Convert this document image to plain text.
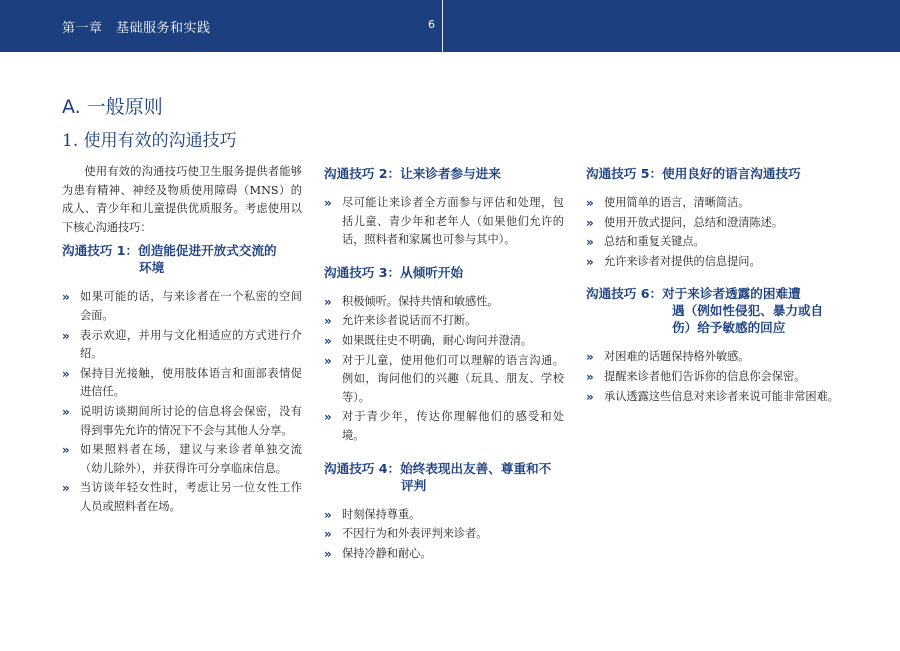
第一章　基础服务和实践	6
A. 一般原则
1. 使用有效的沟通技巧

使用有效的沟通技巧使卫生服务提供者能够为患有精神、神经及物质使用障碍（MNS）的成人、青少年和儿童提供优质服务。考虑使用以下核心沟通技巧：

沟通技巧 1：创造能促进开放式交流的
环境
» 如果可能的话，与来诊者在一个私密的空间会面。
» 表示欢迎，并用与文化相适应的方式进行介绍。
» 保持目光接触，使用肢体语言和面部表情促进信任。
» 说明访谈期间所讨论的信息将会保密，没有得到事先允许的情况下不会与其他人分享。
» 如果照料者在场，建议与来诊者单独交流（幼儿除外），并获得许可分享临床信息。
» 当访谈年轻女性时，考虑让另一位女性工作人员或照料者在场。
沟通技巧 2：让来诊者参与进来
» 尽可能让来诊者全方面参与评估和处理，包括儿童、青少年和老年人（如果他们允许的话，照料者和家属也可参与其中）。
沟通技巧 3：从倾听开始
» 积极倾听。保持共情和敏感性。
» 允许来诊者说话而不打断。
» 如果既往史不明确，耐心询问并澄清。
» 对于儿童，使用他们可以理解的语言沟通。例如，询问他们的兴趣（玩具、朋友、学校等）。
» 对于青少年，传达你理解他们的感受和处境。
沟通技巧 4：始终表现出友善、尊重和不
评判
» 时刻保持尊重。
» 不因行为和外表评判来诊者。
» 保持冷静和耐心。
沟通技巧 5：使用良好的语言沟通技巧
» 使用简单的语言，清晰简洁。
» 使用开放式提问，总结和澄清陈述。
» 总结和重复关键点。
» 允许来诊者对提供的信息提问。
沟通技巧 6：对于来诊者透露的困难遭
遇（例如性侵犯、暴力或自
伤）给予敏感的回应
» 对困难的话题保持格外敏感。
» 提醒来诊者他们告诉你的信息你会保密。
» 承认透露这些信息对来诊者来说可能非常困难。
